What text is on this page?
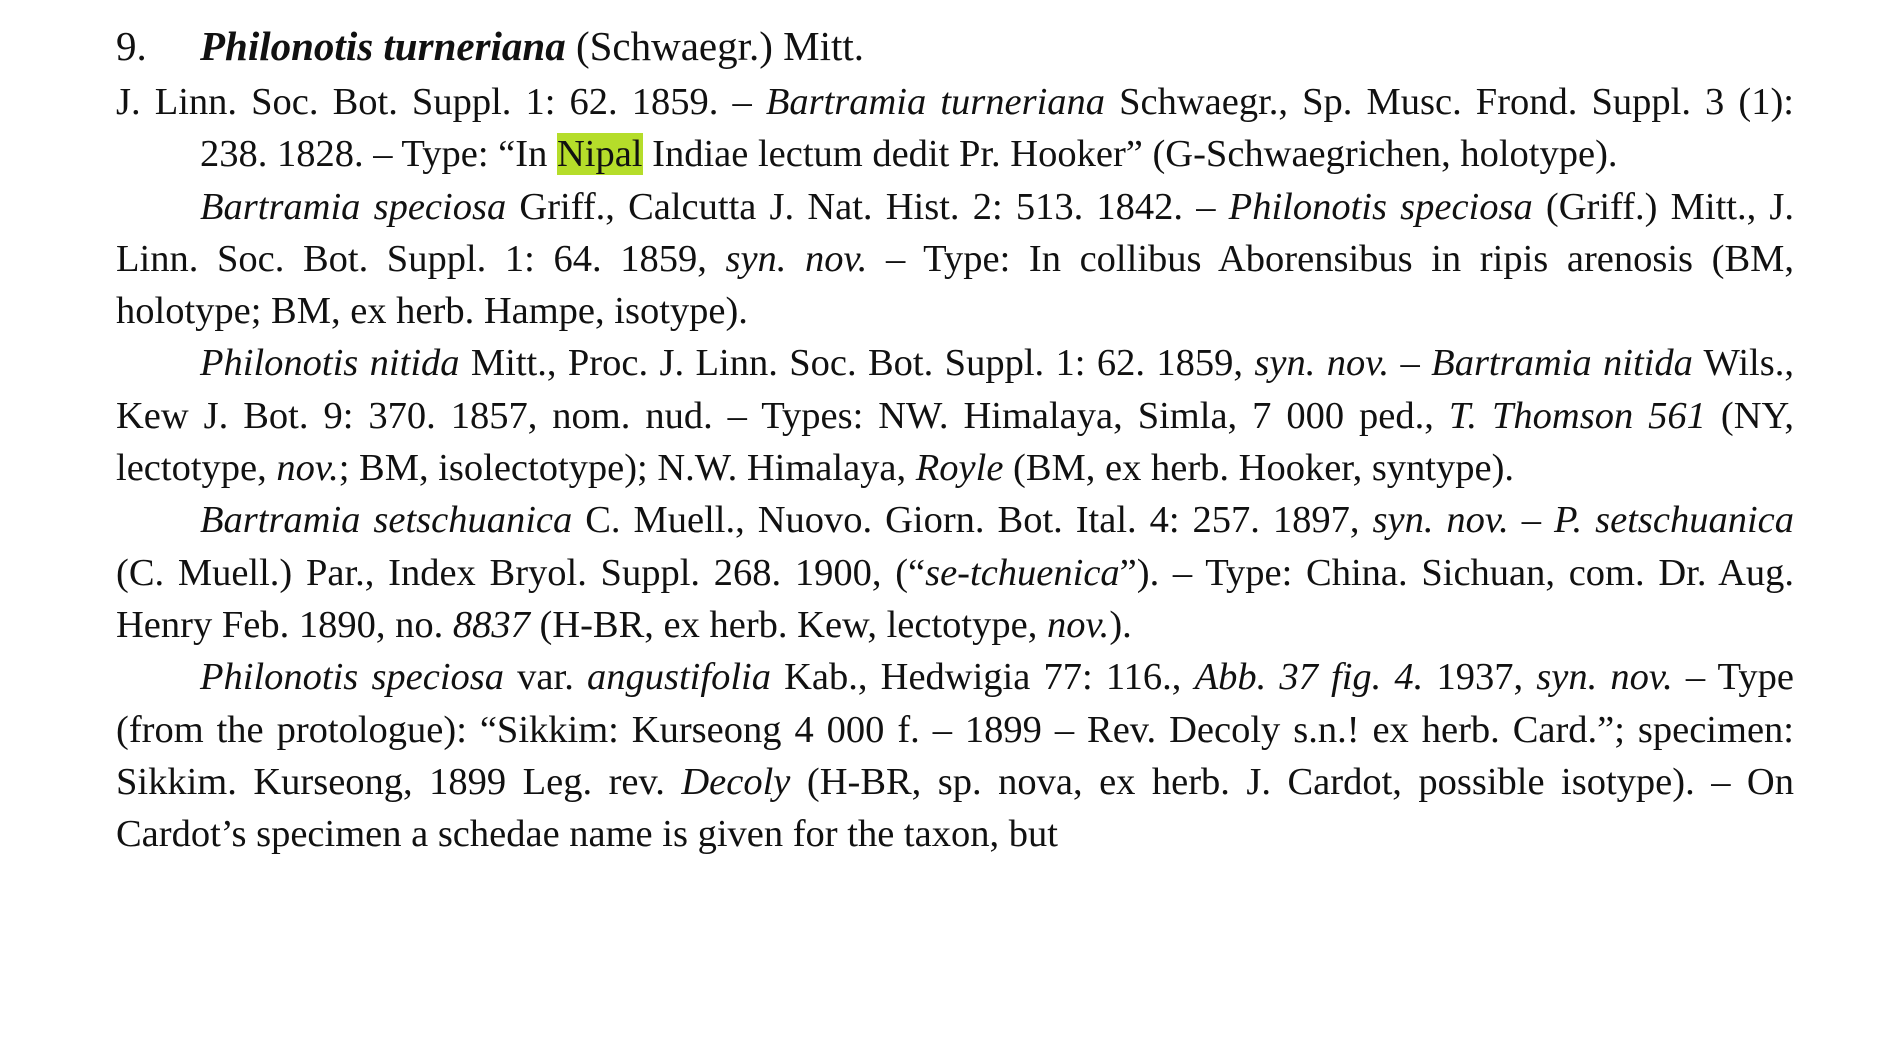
9. Philonotis turneriana (Schwaegr.) Mitt.

J. Linn. Soc. Bot. Suppl. 1: 62. 1859. – Bartramia turneriana Schwaegr., Sp. Musc. Frond. Suppl. 3 (1): 238. 1828. – Type: “In Nipal Indiae lectum dedit Pr. Hooker” (G-Schwaegrichen, holotype).

Bartramia speciosa Griff., Calcutta J. Nat. Hist. 2: 513. 1842. – Philonotis speciosa (Griff.) Mitt., J. Linn. Soc. Bot. Suppl. 1: 64. 1859, syn. nov. – Type: In collibus Aborensibus in ripis arenosis (BM, holotype; BM, ex herb. Hampe, isotype).

Philonotis nitida Mitt., Proc. J. Linn. Soc. Bot. Suppl. 1: 62. 1859, syn. nov. – Bartramia nitida Wils., Kew J. Bot. 9: 370. 1857, nom. nud. – Types: NW. Himalaya, Simla, 7 000 ped., T. Thomson 561 (NY, lectotype, nov.; BM, isolectotype); N.W. Himalaya, Royle (BM, ex herb. Hooker, syntype).

Bartramia setschuanica C. Muell., Nuovo. Giorn. Bot. Ital. 4: 257. 1897, syn. nov. – P. setschuanica (C. Muell.) Par., Index Bryol. Suppl. 268. 1900, (“se-tchuenica”). – Type: China. Sichuan, com. Dr. Aug. Henry Feb. 1890, no. 8837 (H-BR, ex herb. Kew, lectotype, nov.).

Philonotis speciosa var. angustifolia Kab., Hedwigia 77: 116., Abb. 37 fig. 4. 1937, syn. nov. – Type (from the protologue): “Sikkim: Kurseong 4 000 f. – 1899 – Rev. Decoly s.n.! ex herb. Card.”; specimen: Sikkim. Kurseong, 1899 Leg. rev. Decoly (H-BR, sp. nova, ex herb. J. Cardot, possible isotype). – On Cardot’s specimen a schedae name is given for the taxon, but
